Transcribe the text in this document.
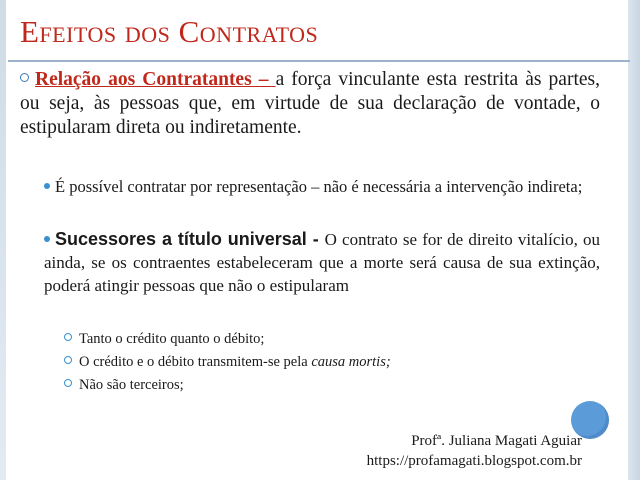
Efeitos dos Contratos
Relação aos Contratantes – a força vinculante esta restrita às partes, ou seja, às pessoas que, em virtude de sua declaração de vontade, o estipularam direta ou indiretamente.
É possível contratar por representação – não é necessária a intervenção indireta;
Sucessores a título universal - O contrato se for de direito vitalício, ou ainda, se os contraentes estabeleceram que a morte será causa de sua extinção, poderá atingir pessoas que não o estipularam
Tanto o crédito quanto o débito;
O crédito e o débito transmitem-se pela causa mortis;
Não são terceiros;
Profª. Juliana Magati Aguiar
https://profamagati.blogspot.com.br
